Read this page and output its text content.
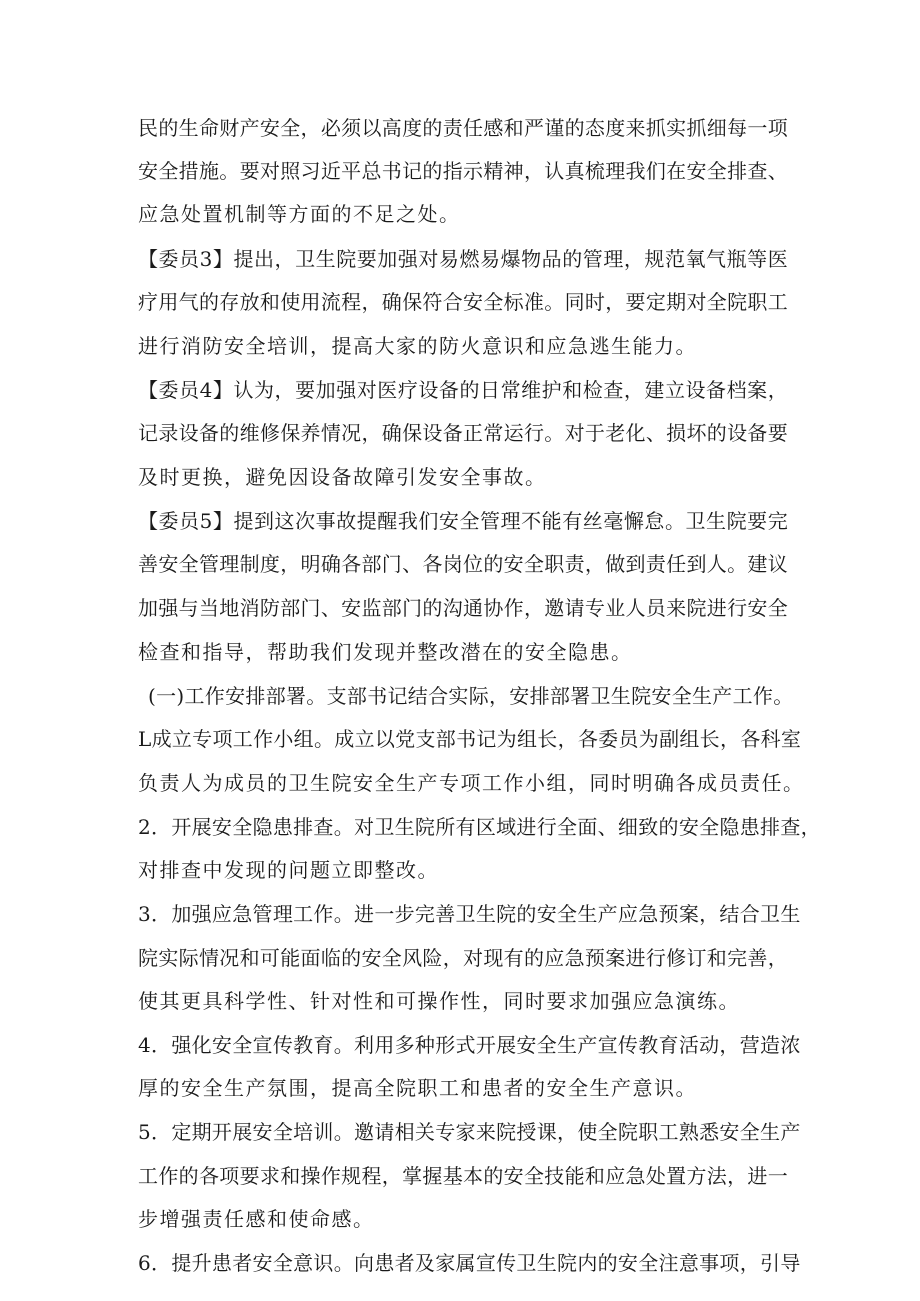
民的生命财产安全，必须以高度的责任感和严谨的态度来抓实抓细每一项
安全措施。要对照习近平总书记的指示精神，认真梳理我们在安全排查、
应急处置机制等方面的不足之处。
【委员3】提出，卫生院要加强对易燃易爆物品的管理，规范氧气瓶等医
疗用气的存放和使用流程，确保符合安全标准。同时，要定期对全院职工
进行消防安全培训，提高大家的防火意识和应急逃生能力。
【委员4】认为，要加强对医疗设备的日常维护和检查，建立设备档案，
记录设备的维修保养情况，确保设备正常运行。对于老化、损坏的设备要
及时更换，避免因设备故障引发安全事故。
【委员5】提到这次事故提醒我们安全管理不能有丝毫懈怠。卫生院要完
善安全管理制度，明确各部门、各岗位的安全职责，做到责任到人。建议
加强与当地消防部门、安监部门的沟通协作，邀请专业人员来院进行安全
检查和指导，帮助我们发现并整改潜在的安全隐患。
(一)工作安排部署。支部书记结合实际，安排部署卫生院安全生产工作。
L成立专项工作小组。成立以党支部书记为组长，各委员为副组长，各科室
负责人为成员的卫生院安全生产专项工作小组，同时明确各成员责任。
2．开展安全隐患排查。对卫生院所有区域进行全面、细致的安全隐患排查，
对排查中发现的问题立即整改。
3．加强应急管理工作。进一步完善卫生院的安全生产应急预案，结合卫生
院实际情况和可能面临的安全风险，对现有的应急预案进行修订和完善，
使其更具科学性、针对性和可操作性，同时要求加强应急演练。
4．强化安全宣传教育。利用多种形式开展安全生产宣传教育活动，营造浓
厚的安全生产氛围，提高全院职工和患者的安全生产意识。
5．定期开展安全培训。邀请相关专家来院授课，使全院职工熟悉安全生产
工作的各项要求和操作规程，掌握基本的安全技能和应急处置方法，进一
步增强责任感和使命感。
6．提升患者安全意识。向患者及家属宣传卫生院内的安全注意事项，引导
